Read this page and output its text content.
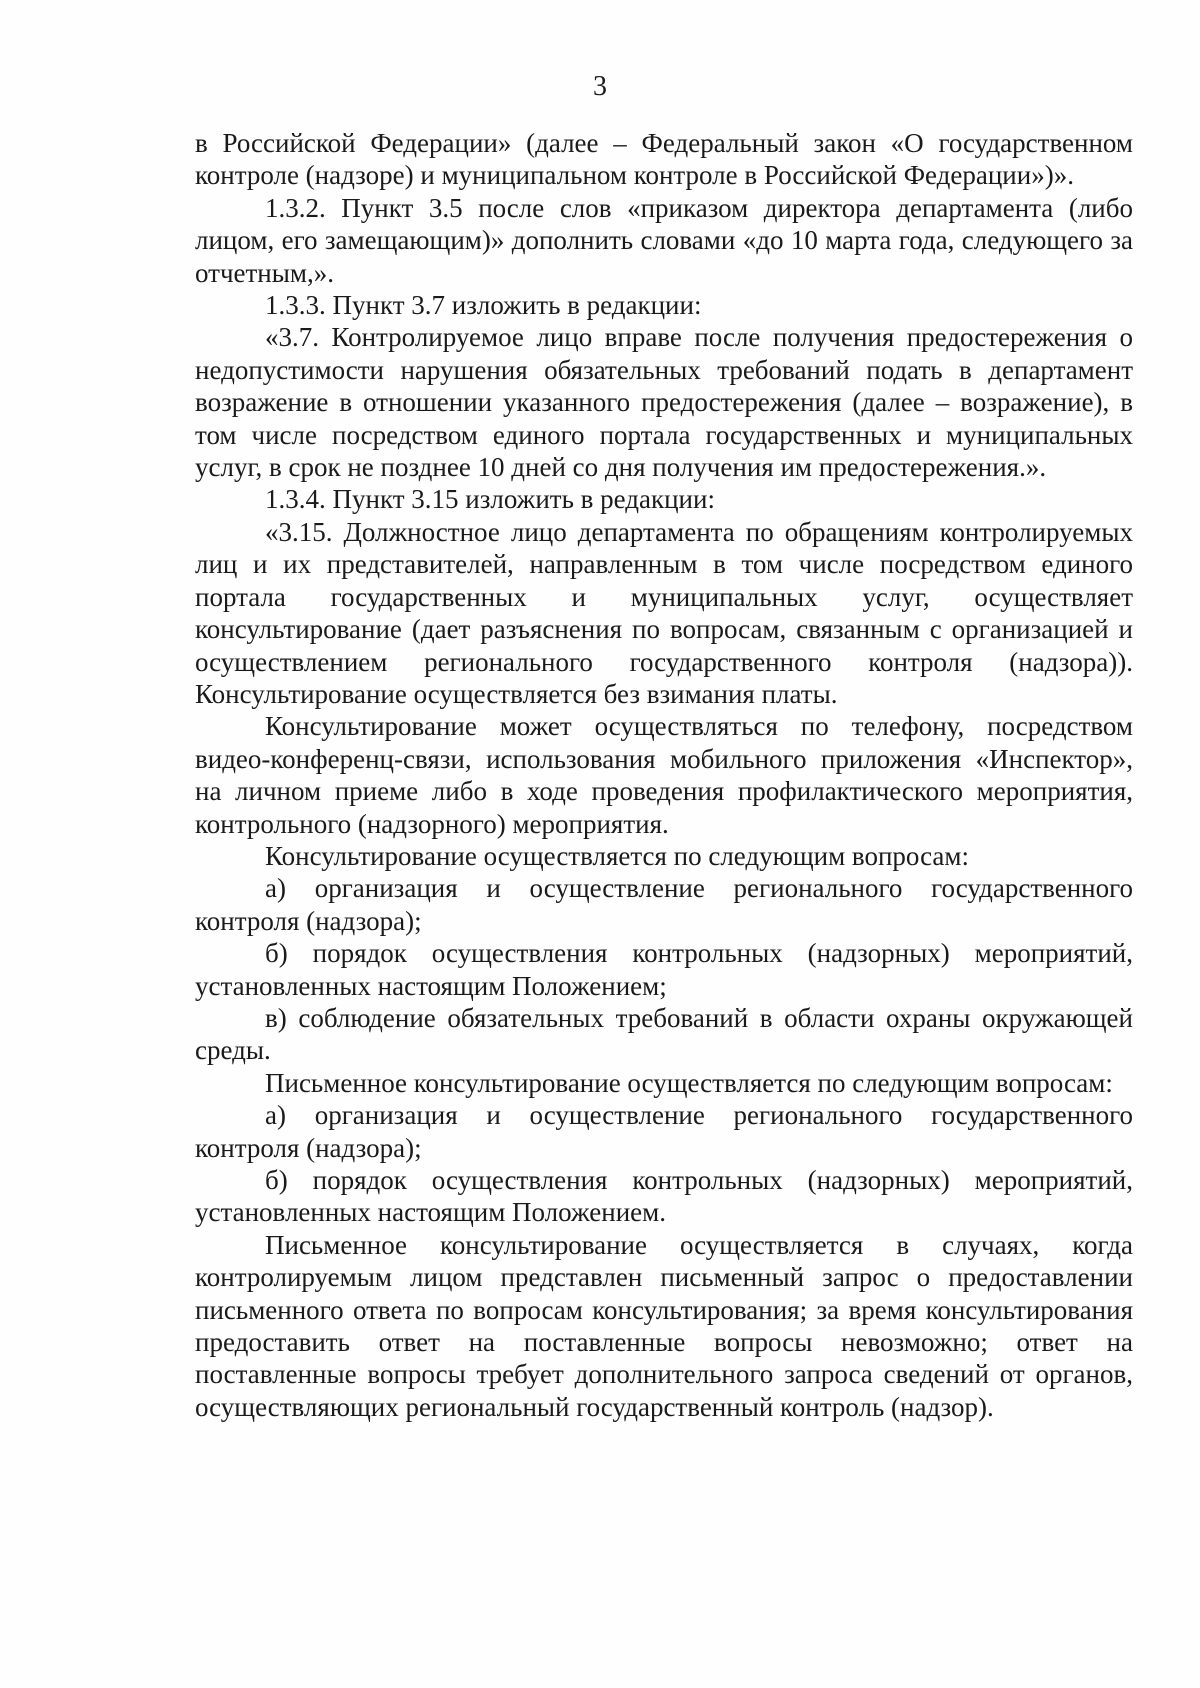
3

в Российской Федерации» (далее – Федеральный закон «О государственном контроле (надзоре) и муниципальном контроле в Российской Федерации»)».

1.3.2. Пункт 3.5 после слов «приказом директора департамента (либо лицом, его замещающим)» дополнить словами «до 10 марта года, следующего за отчетным,».

1.3.3. Пункт 3.7 изложить в редакции:

«3.7. Контролируемое лицо вправе после получения предостережения о недопустимости нарушения обязательных требований подать в департамент возражение в отношении указанного предостережения (далее – возражение), в том числе посредством единого портала государственных и муниципальных услуг, в срок не позднее 10 дней со дня получения им предостережения.».

1.3.4. Пункт 3.15 изложить в редакции:

«3.15. Должностное лицо департамента по обращениям контролируемых лиц и их представителей, направленным в том числе посредством единого портала государственных и муниципальных услуг, осуществляет консультирование (дает разъяснения по вопросам, связанным с организацией и осуществлением регионального государственного контроля (надзора)). Консультирование осуществляется без взимания платы.

Консультирование может осуществляться по телефону, посредством видео-конференц-связи, использования мобильного приложения «Инспектор», на личном приеме либо в ходе проведения профилактического мероприятия, контрольного (надзорного) мероприятия.

Консультирование осуществляется по следующим вопросам:

а) организация и осуществление регионального государственного контроля (надзора);

б) порядок осуществления контрольных (надзорных) мероприятий, установленных настоящим Положением;

в) соблюдение обязательных требований в области охраны окружающей среды.

Письменное консультирование осуществляется по следующим вопросам:

а) организация и осуществление регионального государственного контроля (надзора);

б) порядок осуществления контрольных (надзорных) мероприятий, установленных настоящим Положением.

Письменное консультирование осуществляется в случаях, когда контролируемым лицом представлен письменный запрос о предоставлении письменного ответа по вопросам консультирования; за время консультирования предоставить ответ на поставленные вопросы невозможно; ответ на поставленные вопросы требует дополнительного запроса сведений от органов, осуществляющих региональный государственный контроль (надзор).
